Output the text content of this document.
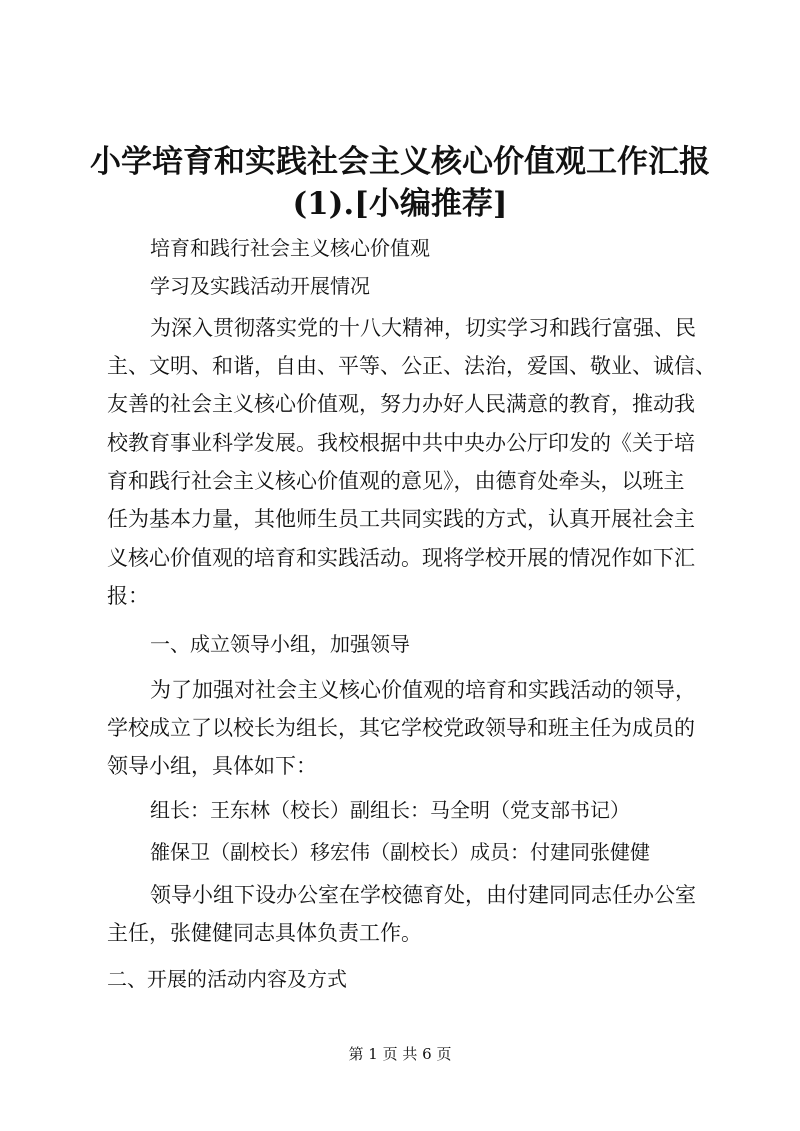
小学培育和实践社会主义核心价值观工作汇报
(1).[小编推荐]
培育和践行社会主义核心价值观
学习及实践活动开展情况
为深入贯彻落实党的十八大精神，切实学习和践行富强、民
主、文明、和谐，自由、平等、公正、法治，爱国、敬业、诚信、
友善的社会主义核心价值观，努力办好人民满意的教育，推动我
校教育事业科学发展。我校根据中共中央办公厅印发的《关于培
育和践行社会主义核心价值观的意见》，由德育处牵头，以班主
任为基本力量，其他师生员工共同实践的方式，认真开展社会主
义核心价值观的培育和实践活动。现将学校开展的情况作如下汇
报：
一、成立领导小组，加强领导
为了加强对社会主义核心价值观的培育和实践活动的领导，
学校成立了以校长为组长，其它学校党政领导和班主任为成员的
领导小组，具体如下：
组长：王东林（校长）副组长：马全明（党支部书记）
雒保卫（副校长）移宏伟（副校长）成员：付建同张健健
领导小组下设办公室在学校德育处，由付建同同志任办公室
主任，张健健同志具体负责工作。
二、开展的活动内容及方式
第 1 页 共 6 页
